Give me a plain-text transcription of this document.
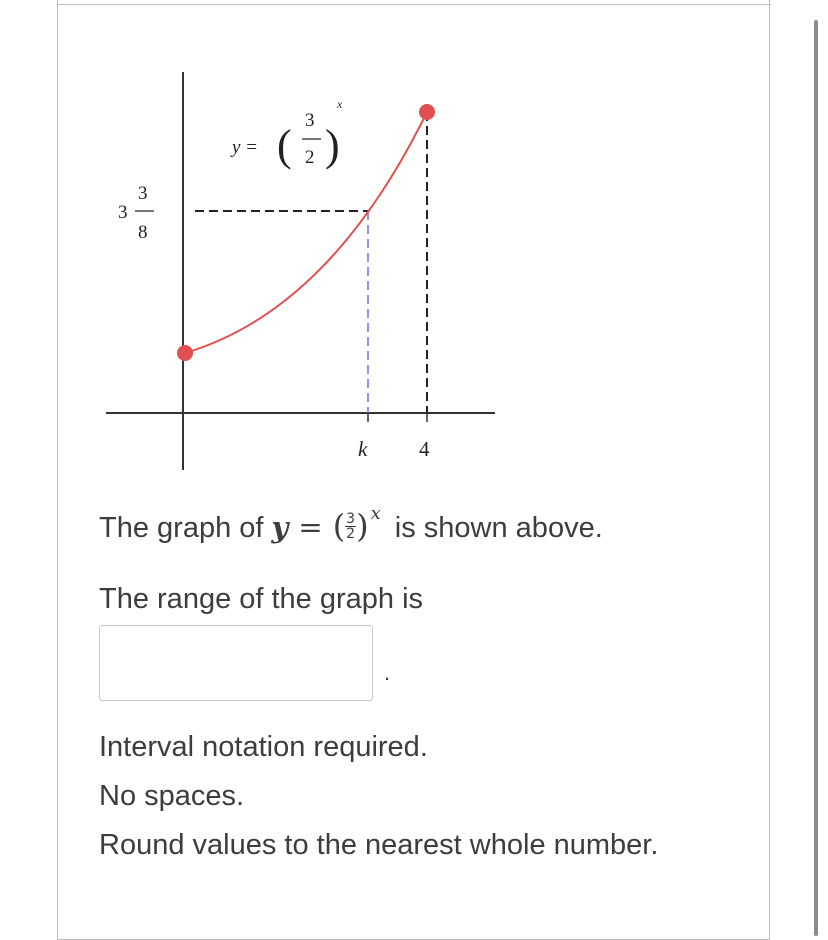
y = (
3
2 )
x
3
3
8
k 4
The graph of y = ( $\frac{3}{2}$ ) $^x$ is shown above.
The range of the graph is
.
Interval notation required.
No spaces.
Round values to the nearest whole number.
